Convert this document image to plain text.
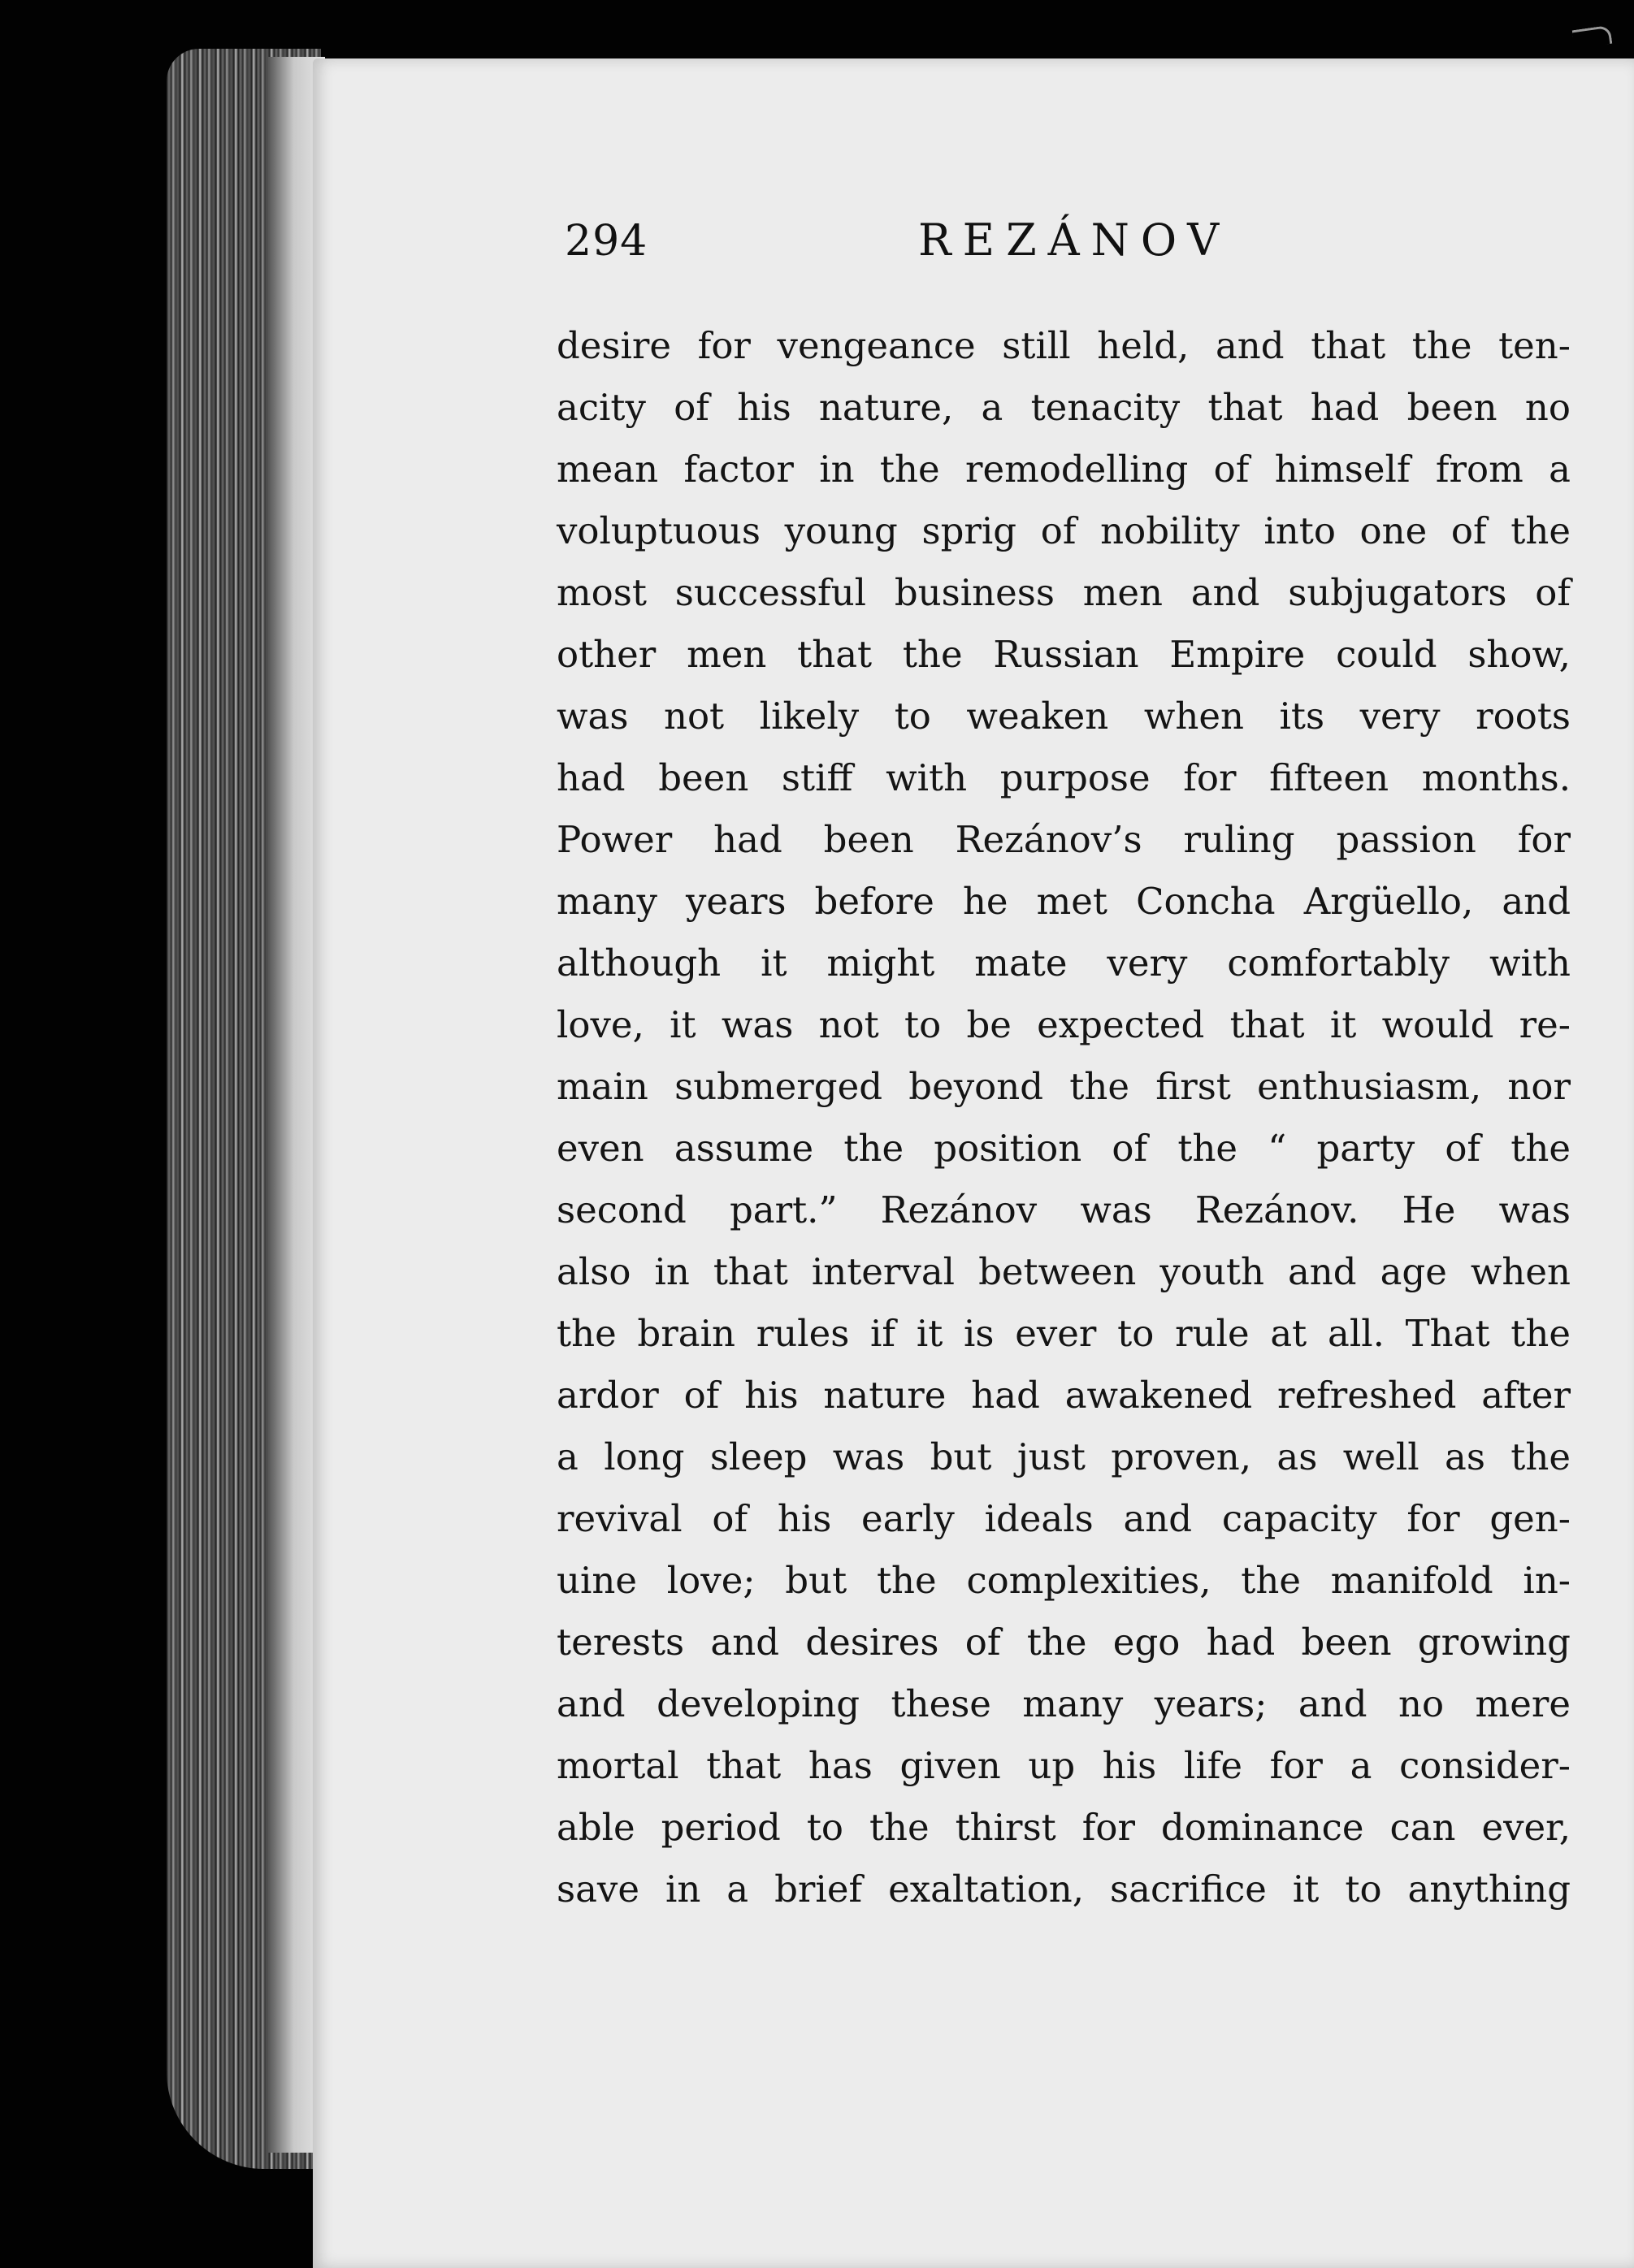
294	REZÁNOV
desire for vengeance still held, and that the ten-
acity of his nature, a tenacity that had been no
mean factor in the remodelling of himself from a
voluptuous young sprig of nobility into one of the
most successful business men and subjugators of
other men that the Russian Empire could show,
was not likely to weaken when its very roots
had been stiff with purpose for fifteen months.
Power had been Rezánov’s ruling passion for
many years before he met Concha Argüello, and
although it might mate very comfortably with
love, it was not to be expected that it would re-
main submerged beyond the first enthusiasm, nor
even assume the position of the “ party of the
second part.” Rezánov was Rezánov. He was
also in that interval between youth and age when
the brain rules if it is ever to rule at all. That the
ardor of his nature had awakened refreshed after
a long sleep was but just proven, as well as the
revival of his early ideals and capacity for gen-
uine love; but the complexities, the manifold in-
terests and desires of the ego had been growing
and developing these many years; and no mere
mortal that has given up his life for a consider-
able period to the thirst for dominance can ever,
save in a brief exaltation, sacrifice it to anything
